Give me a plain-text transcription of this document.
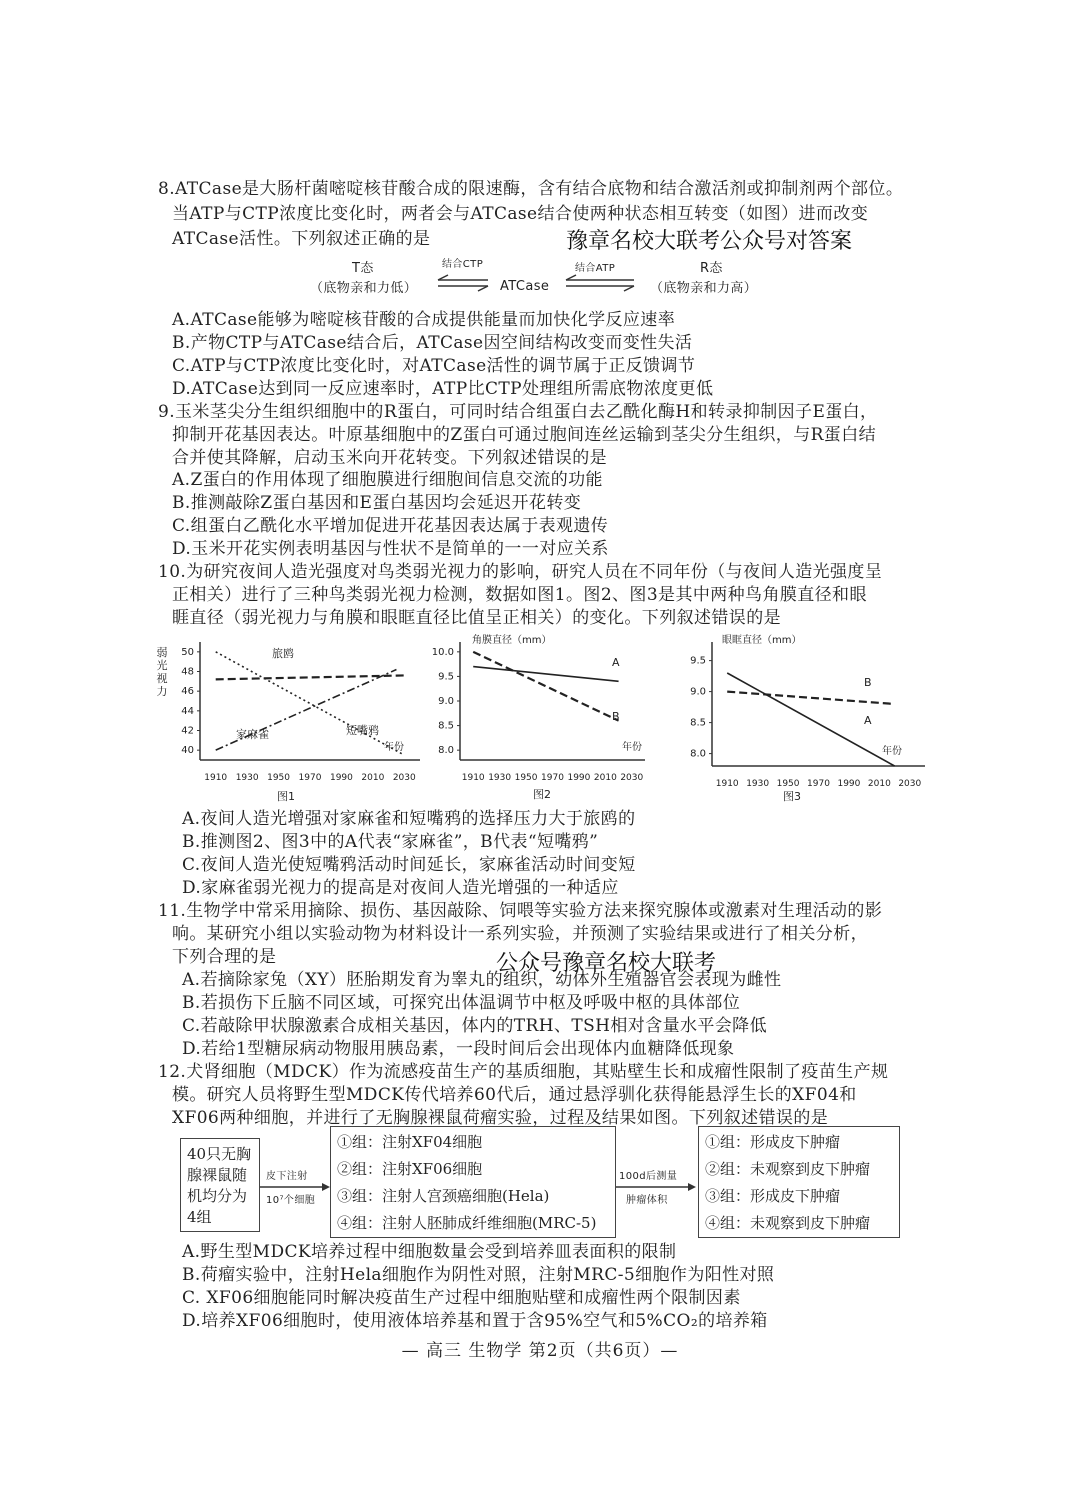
8.ATCase是大肠杆菌嘧啶核苷酸合成的限速酶，含有结合底物和结合激活剂或抑制剂两个部位。
当ATP与CTP浓度比变化时，两者会与ATCase结合使两种状态相互转变（如图）进而改变
ATCase活性。下列叙述正确的是	豫章名校大联考公众号对答案
T态
（底物亲和力低）
结合CTP
ATCase
结合ATP	R态
（底物亲和力高）
A.ATCase能够为嘧啶核苷酸的合成提供能量而加快化学反应速率
B.产物CTP与ATCase结合后，ATCase因空间结构改变而变性失活
C.ATP与CTP浓度比变化时，对ATCase活性的调节属于正反馈调节
D.ATCase达到同一反应速率时，ATP比CTP处理组所需底物浓度更低
9.玉米茎尖分生组织细胞中的R蛋白，可同时结合组蛋白去乙酰化酶H和转录抑制因子E蛋白，
抑制开花基因表达。叶原基细胞中的Z蛋白可通过胞间连丝运输到茎尖分生组织，与R蛋白结
合并使其降解，启动玉米向开花转变。下列叙述错误的是
A.Z蛋白的作用体现了细胞膜进行细胞间信息交流的功能
B.推测敲除Z蛋白基因和E蛋白基因均会延迟开花转变
C.组蛋白乙酰化水平增加促进开花基因表达属于表观遗传
D.玉米开花实例表明基因与性状不是简单的一一对应关系
10.为研究夜间人造光强度对鸟类弱光视力的影响，研究人员在不同年份（与夜间人造光强度呈
正相关）进行了三种鸟类弱光视力检测，数据如图1。图2、图3是其中两种鸟角膜直径和眼
睚直径（弱光视力与角膜和眼眶直径比值呈正相关）的变化。下列叙述错误的是
40
42
44
46
48
50
1910 1930 1950 1970 1990 2010 2030
旅鸥
短嘴鸦
家麻雀
年份
弱
光
视
力
图1
8.0
8.5
9.0
9.5
10.0
1910 1930 1950 1970 1990 2010 2030
A
B
年份
角膜直径（mm）
图2
8.0
8.5
9.0
9.5
1910 1930 1950 1970 1990 2010 2030
B
A
年份
眼眶直径（mm）
图3
A.夜间人造光增强对家麻雀和短嘴鸦的选择压力大于旅鸥的
B.推测图2、图3中的A代表“家麻雀”，B代表“短嘴鸦”
C.夜间人造光使短嘴鸦活动时间延长，家麻雀活动时间变短
D.家麻雀弱光视力的提高是对夜间人造光增强的一种适应
11.生物学中常采用摘除、损伤、基因敲除、饲喂等实验方法来探究腺体或激素对生理活动的影
响。某研究小组以实验动物为材料设计一系列实验，并预测了实验结果或进行了相关分析，
下列合理的是	公众号豫章名校大联考
A.若摘除家兔（XY）胚胎期发育为睾丸的组织，幼体外生殖器官会表现为雌性
B.若损伤下丘脑不同区域，可探究出体温调节中枢及呼吸中枢的具体部位
C.若敲除甲状腺激素合成相关基因，体内的TRH、TSH相对含量水平会降低
D.若给1型糖尿病动物服用胰岛素，一段时间后会出现体内血糖降低现象
12.犬肾细胞（MDCK）作为流感疫苗生产的基质细胞，其贴壁生长和成瘤性限制了疫苗生产规
模。研究人员将野生型MDCK传代培养60代后，通过悬浮驯化获得能悬浮生长的XF04和
XF06两种细胞，并进行了无胸腺裸鼠荷瘤实验，过程及结果如图。下列叙述错误的是
40只无胸
腺裸鼠随
机均分为
4组
皮下注射
10⁷个细胞
①组：注射XF04细胞
②组：注射XF06细胞
③组：注射人宫颈癌细胞(Hela)
④组：注射人胚肺成纤维细胞(MRC-5)
100d后测量
肿瘤体积
①组：形成皮下肿瘤
②组：未观察到皮下肿瘤
③组：形成皮下肿瘤
④组：未观察到皮下肿瘤
A.野生型MDCK培养过程中细胞数量会受到培养皿表面积的限制
B.荷瘤实验中，注射Hela细胞作为阴性对照，注射MRC-5细胞作为阳性对照
C. XF06细胞能同时解决疫苗生产过程中细胞贴壁和成瘤性两个限制因素
D.培养XF06细胞时，使用液体培养基和置于含95%空气和5%CO₂的培养箱
— 高三 生物学 第2页（共6页）—
